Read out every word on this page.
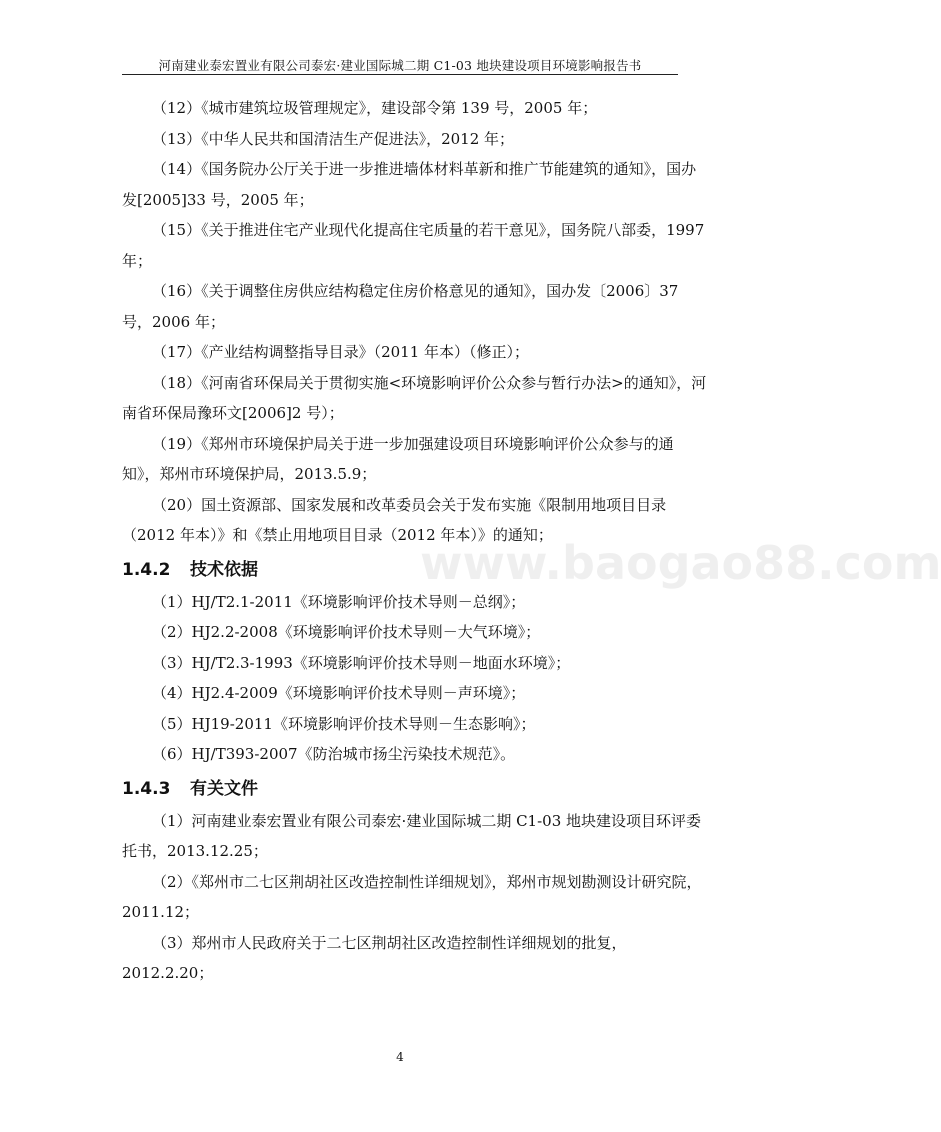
河南建业泰宏置业有限公司泰宏·建业国际城二期 C1-03 地块建设项目环境影响报告书

（12）《城市建筑垃圾管理规定》，建设部令第 139 号，2005 年；

（13）《中华人民共和国清洁生产促进法》，2012 年；

（14）《国务院办公厅关于进一步推进墙体材料革新和推广节能建筑的通知》，国办发[2005]33 号，2005 年；

（15）《关于推进住宅产业现代化提高住宅质量的若干意见》，国务院八部委，1997 年；

（16）《关于调整住房供应结构稳定住房价格意见的通知》，国办发〔2006〕37 号，2006 年；

（17）《产业结构调整指导目录》（2011 年本）（修正）；

（18）《河南省环保局关于贯彻实施<环境影响评价公众参与暂行办法>的通知》，河南省环保局豫环文[2006]2 号）；

（19）《郑州市环境保护局关于进一步加强建设项目环境影响评价公众参与的通知》，郑州市环境保护局，2013.5.9；

（20）国土资源部、国家发展和改革委员会关于发布实施《限制用地项目目录（2012 年本）》和《禁止用地项目目录（2012 年本）》的通知；

1.4.2 技术依据

（1）HJ/T2.1-2011《环境影响评价技术导则－总纲》；

（2）HJ2.2-2008《环境影响评价技术导则－大气环境》；

（3）HJ/T2.3-1993《环境影响评价技术导则－地面水环境》；

（4）HJ2.4-2009《环境影响评价技术导则－声环境》；

（5）HJ19-2011《环境影响评价技术导则－生态影响》；

（6）HJ/T393-2007《防治城市扬尘污染技术规范》。

1.4.3 有关文件

（1）河南建业泰宏置业有限公司泰宏·建业国际城二期 C1-03 地块建设项目环评委托书，2013.12.25；

（2）《郑州市二七区荆胡社区改造控制性详细规划》，郑州市规划勘测设计研究院，2011.12；

（3）郑州市人民政府关于二七区荆胡社区改造控制性详细规划的批复，2012.2.20；

www.baogao88.com
4
